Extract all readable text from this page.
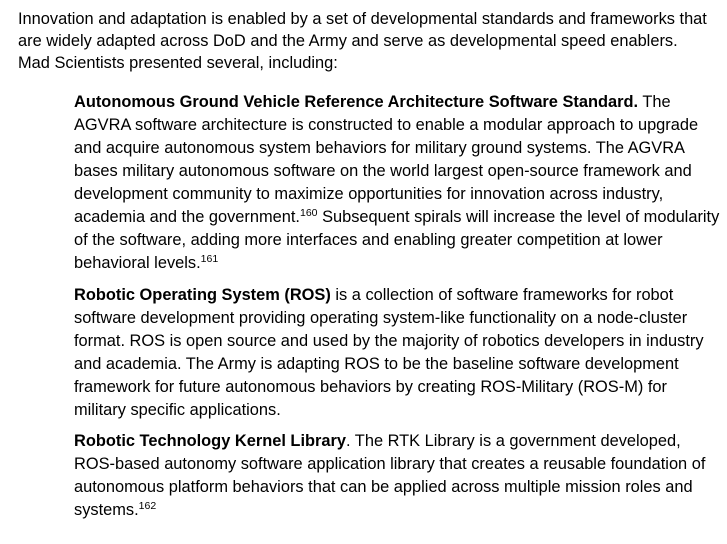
Innovation and adaptation is enabled by a set of developmental standards and frameworks that are widely adapted across DoD and the Army and serve as developmental speed enablers. Mad Scientists presented several, including:

Autonomous Ground Vehicle Reference Architecture Software Standard. The AGVRA software architecture is constructed to enable a modular approach to upgrade and acquire autonomous system behaviors for military ground systems. The AGVRA bases military autonomous software on the world largest open-source framework and development community to maximize opportunities for innovation across industry, academia and the government.$^{160}$ Subsequent spirals will increase the level of modularity of the software, adding more interfaces and enabling greater competition at lower behavioral levels.$^{161}$

Robotic Operating System (ROS) is a collection of software frameworks for robot software development providing operating system-like functionality on a node-cluster format. ROS is open source and used by the majority of robotics developers in industry and academia. The Army is adapting ROS to be the baseline software development framework for future autonomous behaviors by creating ROS-Military (ROS-M) for military specific applications.

Robotic Technology Kernel Library. The RTK Library is a government developed, ROS-based autonomy software application library that creates a reusable foundation of autonomous platform behaviors that can be applied across multiple mission roles and systems.$^{162}$
